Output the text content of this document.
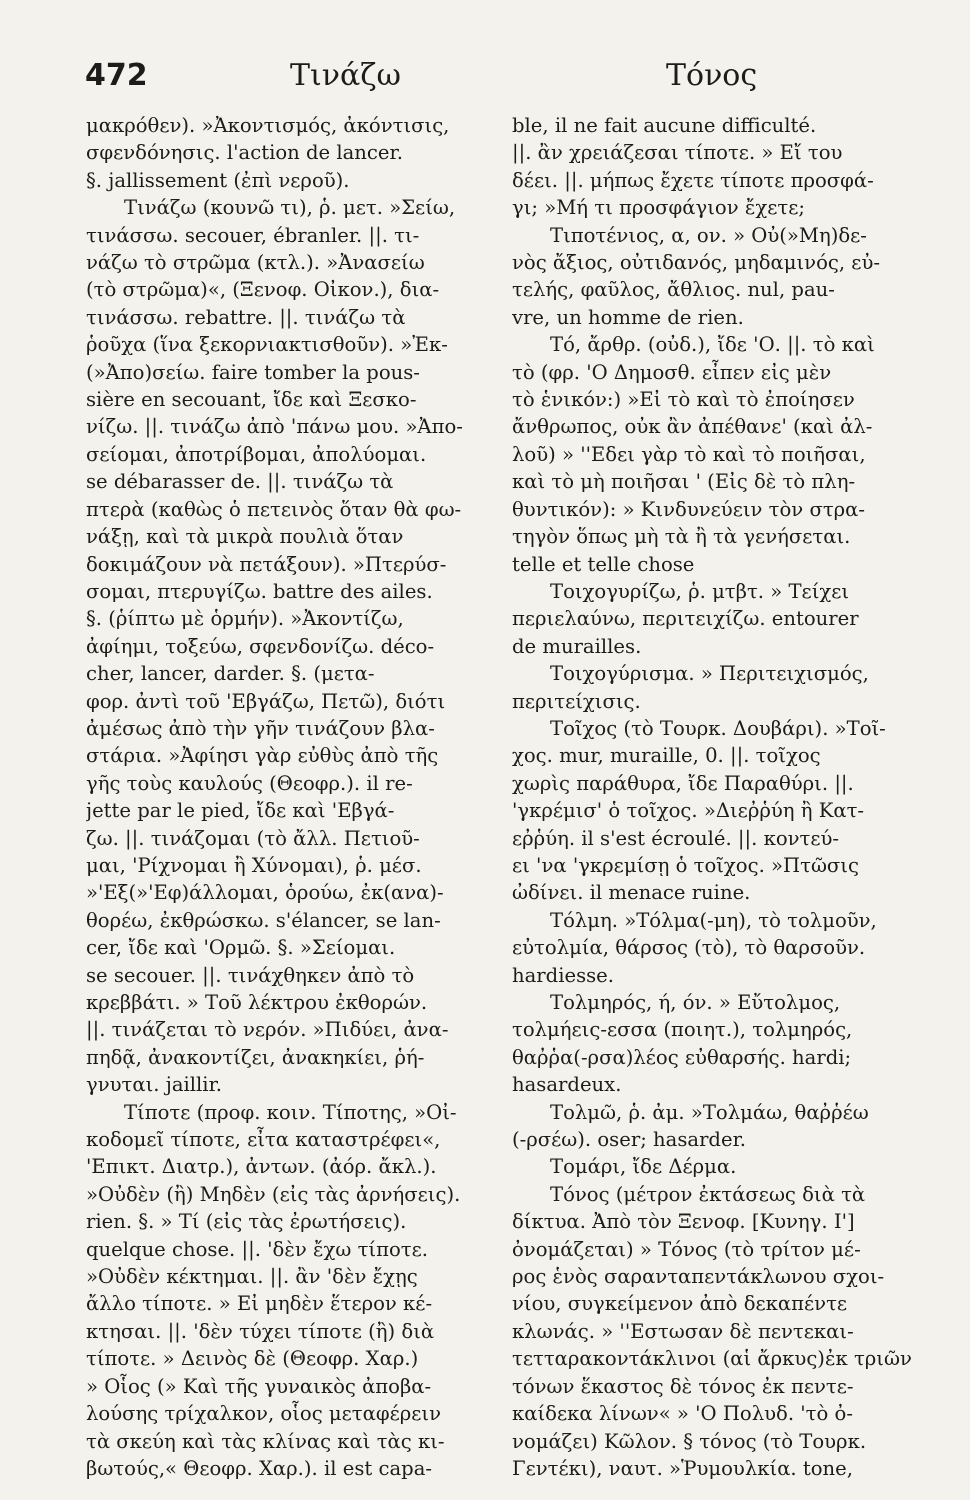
472	Τινάζω	Τόνος
μακρόθεν). »Ἀκοντισμός, ἀκόντισις,
σφενδόνησις. l'action de lancer.
§. jallissement (ἐπὶ νεροῦ).
Τινάζω (κουνῶ τι), ῥ. μετ. »Σείω,
τινάσσω. secouer, ébranler. ||. τι-
νάζω τὸ στρῶμα (κτλ.). »Ἀνασείω
(τὸ στρῶμα)«, (Ξενοφ. Οἰκον.), δια-
τινάσσω. rebattre. ||. τινάζω τὰ
ῥοῦχα (ἵνα ξεκορνιακτισθοῦν). »Ἐκ-
(»Ἀπο)σείω. faire tomber la pous-
sière en secouant, ἴδε καὶ Ξεσκο-
νίζω. ||. τινάζω ἀπὸ 'πάνω μου. »Ἀπο-
σείομαι, ἀποτρίβομαι, ἀπολύομαι.
se débarasser de. ||. τινάζω τὰ
πτερὰ (καθὼς ὁ πετεινὸς ὅταν θὰ φω-
νάξῃ, καὶ τὰ μικρὰ πουλιὰ ὅταν
δοκιμάζουν νὰ πετάξουν). »Πτερύσ-
σομαι, πτερυγίζω. battre des ailes.
§. (ῥίπτω μὲ ὁρμήν). »Ἀκοντίζω,
ἀφίημι, τοξεύω, σφενδονίζω. déco-
cher, lancer, darder. §. (μετα-
φορ. ἀντὶ τοῦ 'Εβγάζω, Πετῶ), διότι
ἀμέσως ἀπὸ τὴν γῆν τινάζουν βλα-
στάρια. »Ἀφίησι γὰρ εὐθὺς ἀπὸ τῆς
γῆς τοὺς καυλούς (Θεοφρ.). il re-
jette par le pied, ἴδε καὶ 'Εβγά-
ζω. ||. τινάζομαι (τὸ ἄλλ. Πετιοῦ-
μαι, 'Ρίχνομαι ἢ Χύνομαι), ῥ. μέσ.
»'Εξ(»'Εφ)άλλομαι, ὁρούω, ἐκ(ανα)-
θορέω, ἐκθρώσκω. s'élancer, se lan-
cer, ἴδε καὶ 'Ορμῶ. §. »Σείομαι.
se secouer. ||. τινάχθηκεν ἀπὸ τὸ
κρεββάτι. » Τοῦ λέκτρου ἐκθορών.
||. τινάζεται τὸ νερόν. »Πιδύει, ἀνα-
πηδᾷ, ἀνακοντίζει, ἀνακηκίει, ῥή-
γνυται. jaillir.
Τίποτε (προφ. κοιν. Τίποτης, »Οἰ-
κοδομεῖ τίποτε, εἶτα καταστρέφει«,
'Επικτ. Διατρ.), ἀντων. (ἀόρ. ἄκλ.).
»Οὐδὲν (ἢ) Μηδὲν (εἰς τὰς ἀρνήσεις).
rien. §. » Τί (εἰς τὰς ἐρωτήσεις).
quelque chose. ||. 'δὲν ἔχω τίποτε.
»Οὐδὲν κέκτημαι. ||. ἂν 'δὲν ἔχῃς
ἄλλο τίποτε. » Εἰ μηδὲν ἕτερον κέ-
κτησαι. ||. 'δὲν τύχει τίποτε (ἢ) διὰ
τίποτε. » Δεινὸς δὲ (Θεοφρ. Χαρ.)
» Οἷος (» Καὶ τῆς γυναικὸς ἀποβα-
λούσης τρίχαλκον, οἷος μεταφέρειν
τὰ σκεύη καὶ τὰς κλίνας καὶ τὰς κι-
βωτούς,« Θεοφρ. Χαρ.). il est capa-
ble, il ne fait aucune difficulté.
||. ἂν χρειάζεσαι τίποτε. » Εἴ του
δέει. ||. μήπως ἔχετε τίποτε προσφά-
γι; »Μή τι προσφάγιον ἔχετε;
Τιποτένιος, α, ον. » Οὐ(»Μη)δε-
νὸς ἄξιος, οὐτιδανός, μηδαμινός, εὐ-
τελής, φαῦλος, ἄθλιος. nul, pau-
vre, un homme de rien.
Τό, ἄρθρ. (οὐδ.), ἴδε 'Ο. ||. τὸ καὶ
τὸ (φρ. 'Ο Δημοσθ. εἶπεν εἰς μὲν
τὸ ἑνικόν:) »Εἰ τὸ καὶ τὸ ἐποίησεν
ἄνθρωπος, οὐκ ἂν ἀπέθανε' (καὶ ἀλ-
λοῦ) » ''Εδει γὰρ τὸ καὶ τὸ ποιῆσαι,
καὶ τὸ μὴ ποιῆσαι ' (Εἰς δὲ τὸ πλη-
θυντικόν): » Κινδυνεύειν τὸν στρα-
τηγὸν ὅπως μὴ τὰ ἢ τὰ γενήσεται.
telle et telle chose
Τοιχογυρίζω, ῥ. μτβτ. » Τείχει
περιελαύνω, περιτειχίζω. entourer
de murailles.
Τοιχογύρισμα. » Περιτειχισμός,
περιτείχισις.
Τοῖχος (τὸ Τουρκ. Δουβάρι). »Τοῖ-
χος. mur, muraille, 0. ||. τοῖχος
χωρὶς παράθυρα, ἴδε Παραθύρι. ||.
'γκρέμισ' ὁ τοῖχος. »Διεῤῥύη ἢ Κατ-
εῤῥύη. il s'est écroulé. ||. κοντεύ-
ει 'να 'γκρεμίσῃ ὁ τοῖχος. »Πτῶσις
ὠδίνει. il menace ruine.
Τόλμη. »Τόλμα(-μη), τὸ τολμοῦν,
εὐτολμία, θάρσος (τὸ), τὸ θαρσοῦν.
hardiesse.
Τολμηρός, ή, όν. » Εὔτολμος,
τολμήεις-εσσα (ποιητ.), τολμηρός,
θαῤῥα(-ρσα)λέος εὐθαρσής. hardi;
hasardeux.
Τολμῶ, ῥ. ἀμ. »Τολμάω, θαῤῥέω
(-ρσέω). oser; hasarder.
Τομάρι, ἴδε Δέρμα.
Τόνος (μέτρον ἐκτάσεως διὰ τὰ
δίκτυα. Ἀπὸ τὸν Ξενοφ. [Κυνηγ. Ι']
ὀνομάζεται) » Τόνος (τὸ τρίτον μέ-
ρος ἑνὸς σαρανταπεντάκλωνου σχοι-
νίου, συγκείμενον ἀπὸ δεκαπέντε
κλωνάς. » ''Εστωσαν δὲ πεντεκαι-
τετταρακοντάκλινοι (αἱ ἄρκυς)ἐκ τριῶν
τόνων ἕκαστος δὲ τόνος ἐκ πεντε-
καίδεκα λίνων« » 'Ο Πολυδ. 'τὸ ὀ-
νομάζει) Κῶλον. § τόνος (τὸ Τουρκ.
Γεντέκι), ναυτ. »Ῥυμουλκία. tone,
